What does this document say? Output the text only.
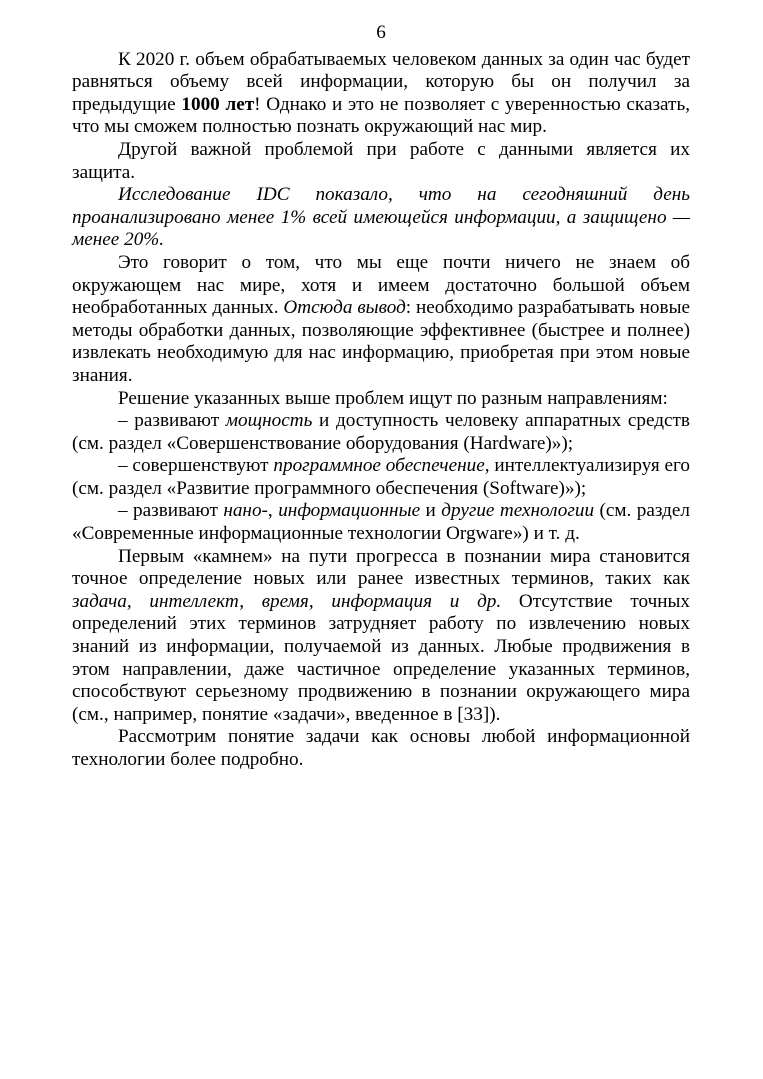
6

К 2020 г. объем обрабатываемых человеком данных за один час будет равняться объему всей информации, которую бы он получил за предыдущие 1000 лет! Однако и это не позволяет с уверенностью сказать, что мы сможем полностью познать окружающий нас мир.

Другой важной проблемой при работе с данными является их защита.

Исследование IDC показало, что на сегодняшний день проанализировано менее 1% всей имеющейся информации, а защищено — менее 20%.

Это говорит о том, что мы еще почти ничего не знаем об окружающем нас мире, хотя и имеем достаточно большой объем необработанных данных. Отсюда вывод: необходимо разрабатывать новые методы обработки данных, позволяющие эффективнее (быстрее и полнее) извлекать необходимую для нас информацию, приобретая при этом новые знания.

Решение указанных выше проблем ищут по разным направлениям:

– развивают мощность и доступность человеку аппаратных средств (см. раздел «Совершенствование оборудования (Hardware)»);

– совершенствуют программное обеспечение, интеллектуализируя его (см. раздел «Развитие программного обеспечения (Software)»);

– развивают нано-, информационные и другие технологии (см. раздел «Современные информационные технологии Orgware») и т. д.

Первым «камнем» на пути прогресса в познании мира становится точное определение новых или ранее известных терминов, таких как задача, интеллект, время, информация и др. Отсутствие точных определений этих терминов затрудняет работу по извлечению новых знаний из информации, получаемой из данных. Любые продвижения в этом направлении, даже частичное определение указанных терминов, способствуют серьезному продвижению в познании окружающего мира (см., например, понятие «задачи», введенное в [33]).

Рассмотрим понятие задачи как основы любой информационной технологии более подробно.
